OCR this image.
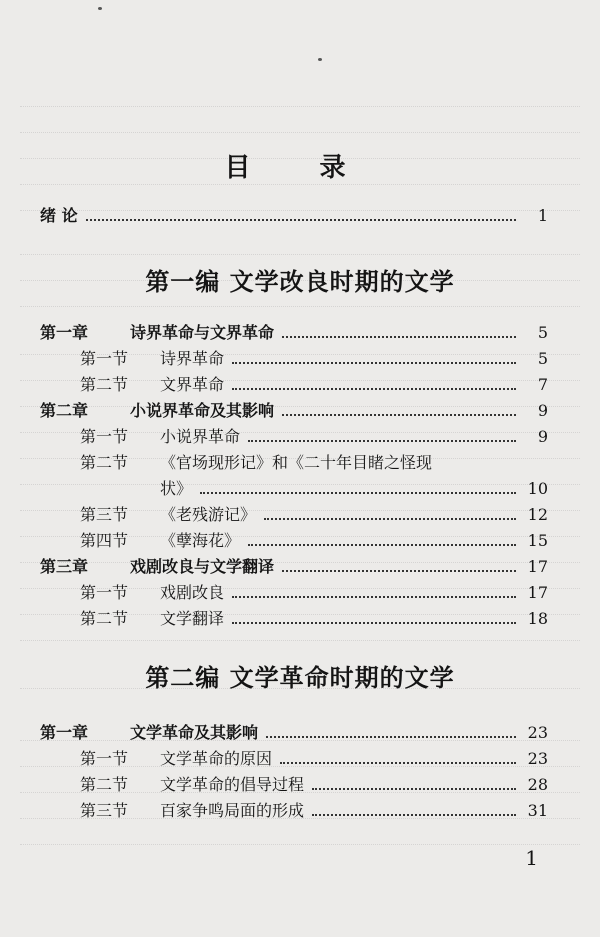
目 录
绪 论	1
第一编 文学改良时期的文学
第一章	诗界革命与文界革命	5
第一节 诗界革命	5
第二节 文界革命	7
第二章	小说界革命及其影响	9
第一节 小说界革命	9
第二节 《官场现形记》和《二十年目睹之怪现
状》	10
第三节 《老残游记》	12
第四节 《孽海花》	15
第三章	戏剧改良与文学翻译	17
第一节 戏剧改良	17
第二节 文学翻译	18
第二编 文学革命时期的文学
第一章	文学革命及其影响	23
第一节 文学革命的原因	23
第二节 文学革命的倡导过程	28
第三节 百家争鸣局面的形成	31
1
